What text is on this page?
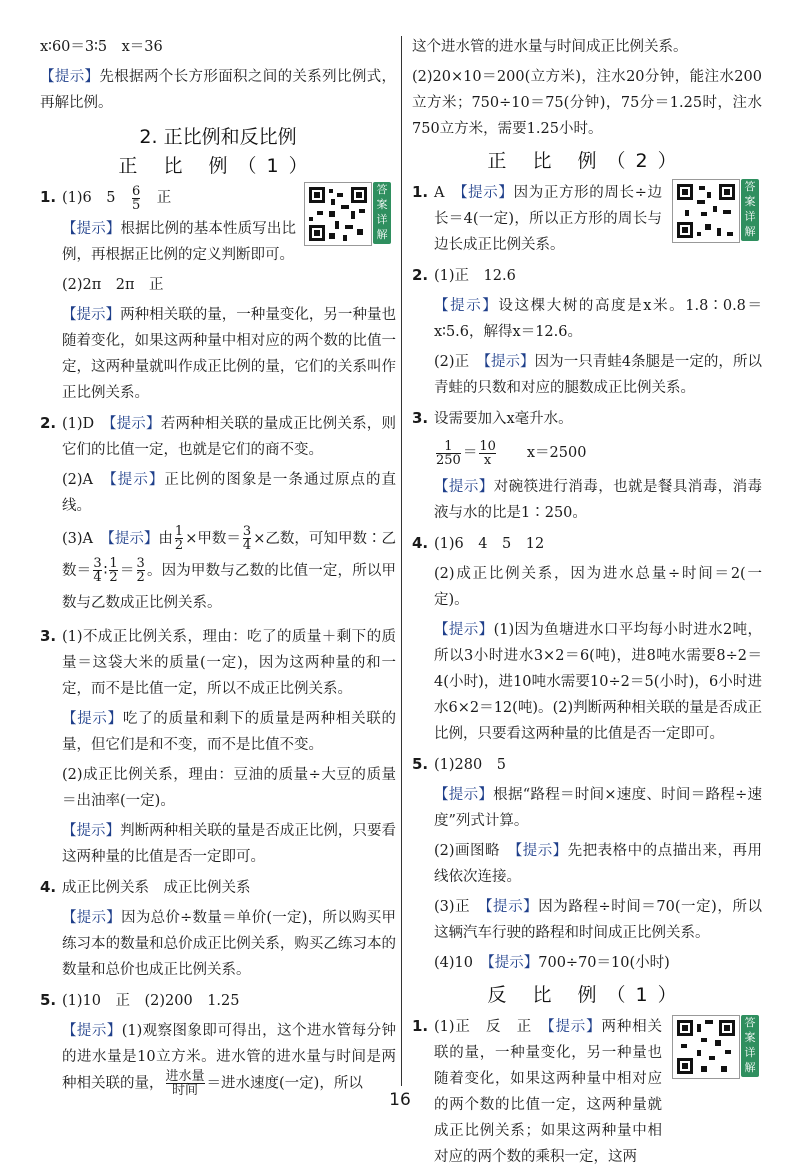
x∶60＝3∶5　x＝36

【提示】先根据两个长方形面积之间的关系列比例式，再解比例。

2. 正比例和反比例
正 比 例（1）
答案详解

1. (1)6　5　 $\frac{6}{5}$
　 正

【提示】根据比例的基本性质写出比例，再根据正比例的定义判断即可。

(2)2π　2π　正

【提示】两种相关联的量，一种量变化，另一种量也随着变化，如果这两种量中相对应的两个数的比值一定，这两种量就叫作成正比例的量，它们的关系叫作正比例关系。

2. (1)D　【提示】若两种相关联的量成正比例关系，则它们的比值一定，也就是它们的商不变。

(2)A　【提示】正比例的图象是一条通过原点的直线。

(3)A　【提示】由 $\frac{1}{2}$ ×甲数＝ $\frac{3}{4}$ ×乙数，可知甲数∶乙数＝ $\frac{3}{4}$ ∶ $\frac{1}{2} = \frac{3}{2}$ 。因为甲数与乙数的比值一定，所以甲数与乙数成正比例关系。

3. (1)不成正比例关系，理由：吃了的质量＋剩下的质量＝这袋大米的质量(一定)，因为这两种量的和一定，而不是比值一定，所以不成正比例关系。

【提示】吃了的质量和剩下的质量是两种相关联的量，但它们是和不变，而不是比值不变。

(2)成正比例关系，理由：豆油的质量÷大豆的质量＝出油率(一定)。

【提示】判断两种相关联的量是否成正比例，只要看这两种量的比值是否一定即可。

4. 成正比例关系　成正比例关系

【提示】因为总价÷数量＝单价(一定)，所以购买甲练习本的数量和总价成正比例关系，购买乙练习本的数量和总价也成正比例关系。

5. (1)10　正　(2)200　1.25

【提示】(1)观察图象即可得出，这个进水管每分钟的进水量是10立方米。进水管的进水量与时间是两种相关联的量， $\frac{\text{进水量}}{\text{时间}}$ ＝进水速度(一定)，所以

这个进水管的进水量与时间成正比例关系。

(2)20×10＝200(立方米)，注水20分钟，能注水200立方米；750÷10＝75(分钟)，75分＝1.25时，注水750立方米，需要1.25小时。

正 比 例（2）
答案详解

1. A　【提示】因为正方形的周长÷边长＝4(一定)，所以正方形的周长与边长成正比例关系。

2. (1)正　12.6

【提示】设这棵大树的高度是x米。1.8∶0.8＝x∶5.6，解得x＝12.6。

(2)正　【提示】因为一只青蛙4条腿是一定的，所以青蛙的只数和对应的腿数成正比例关系。

3. 设需要加入x毫升水。

$\frac{1}{250} = \frac{10}{x}$
　　 x＝2500

【提示】对碗筷进行消毒，也就是餐具消毒，消毒液与水的比是1∶250。

4. (1)6　4　5　12

(2)成正比例关系，因为进水总量÷时间＝2(一定)。

【提示】(1)因为鱼塘进水口平均每小时进水2吨，所以3小时进水3×2＝6(吨)，进8吨水需要8÷2＝4(小时)，进10吨水需要10÷2＝5(小时)，6小时进水6×2＝12(吨)。(2)判断两种相关联的量是否成正比例，只要看这两种量的比值是否一定即可。

5. (1)280　5

【提示】根据“路程＝时间×速度、时间＝路程÷速度”列式计算。

(2)画图略　【提示】先把表格中的点描出来，再用线依次连接。

(3)正　【提示】因为路程÷时间＝70(一定)，所以这辆汽车行驶的路程和时间成正比例关系。

(4)10　【提示】700÷70＝10(小时)

反 比 例（1）
答案详解

1. (1)正　反　正　【提示】两种相关联的量，一种量变化，另一种量也随着变化，如果这两种量中相对应的两个数的比值一定，这两种量就成正比例关系；如果这两种量中相对应的两个数的乘积一定，这两

16
